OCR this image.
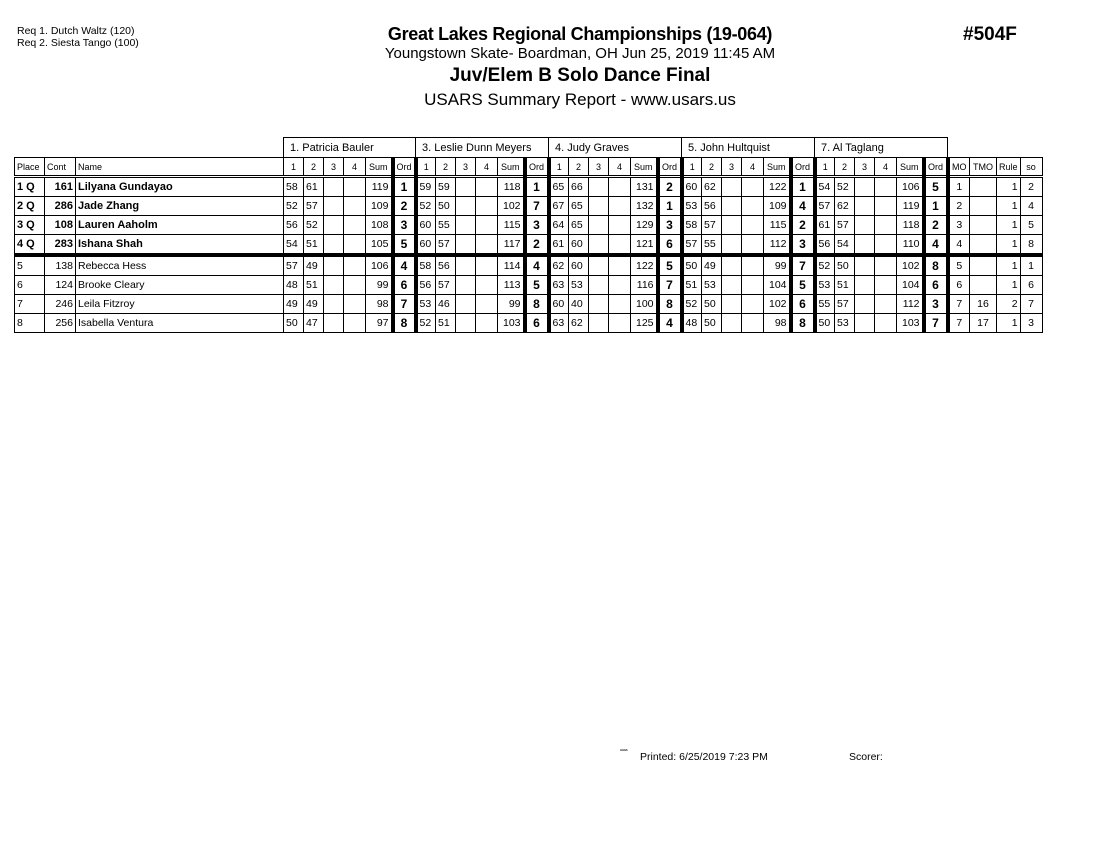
Req 1. Dutch Waltz (120)
Req 2. Siesta Tango (100)	Great Lakes Regional Championships (19-064)
Youngstown Skate- Boardman, OH Jun 25, 2019 11:45 AM
Juv/Elem B Solo Dance Final
USARS Summary Report - www.usars.us
#504F
			1. Patricia Bauler						3. Leslie Dunn Meyers						4. Judy Graves						5. John Hultquist						7. Al Taglang									
Place	Cont	Name	1	2	3	4	Sum	Ord	1	2	3	4	Sum	Ord	1	2	3	4	Sum	Ord	1	2	3	4	Sum	Ord	1	2	3	4	Sum	Ord	MO	TMO	Rule	so
1 Q	161	Lilyana Gundayao	58	61			119	1	59	59			118	1	65	66			131	2	60	62			122	1	54	52			106	5	1		1	2
2 Q	286	Jade Zhang	52	57			109	2	52	50			102	7	67	65			132	1	53	56			109	4	57	62			119	1	2		1	4
3 Q	108	Lauren Aaholm	56	52			108	3	60	55			115	3	64	65			129	3	58	57			115	2	61	57			118	2	3		1	5
4 Q	283	Ishana Shah	54	51			105	5	60	57			117	2	61	60			121	6	57	55			112	3	56	54			110	4	4		1	8
5	138	Rebecca Hess	57	49			106	4	58	56			114	4	62	60			122	5	50	49			99	7	52	50			102	8	5		1	1
6	124	Brooke Cleary	48	51			99	6	56	57			113	5	63	53			116	7	51	53			104	5	53	51			104	6	6		1	6
7	246	Leila Fitzroy	49	49			98	7	53	46			99	8	60	40			100	8	52	50			102	6	55	57			112	3	7	16	2	7
8	256	Isabella Ventura	50	47			97	8	52	51			103	6	63	62			125	4	48	50			98	8	50	53			103	7	7	17	1	3
ᵃᵃᵃᵃ Printed: 6/25/2019 7:23 PM	Scorer:
